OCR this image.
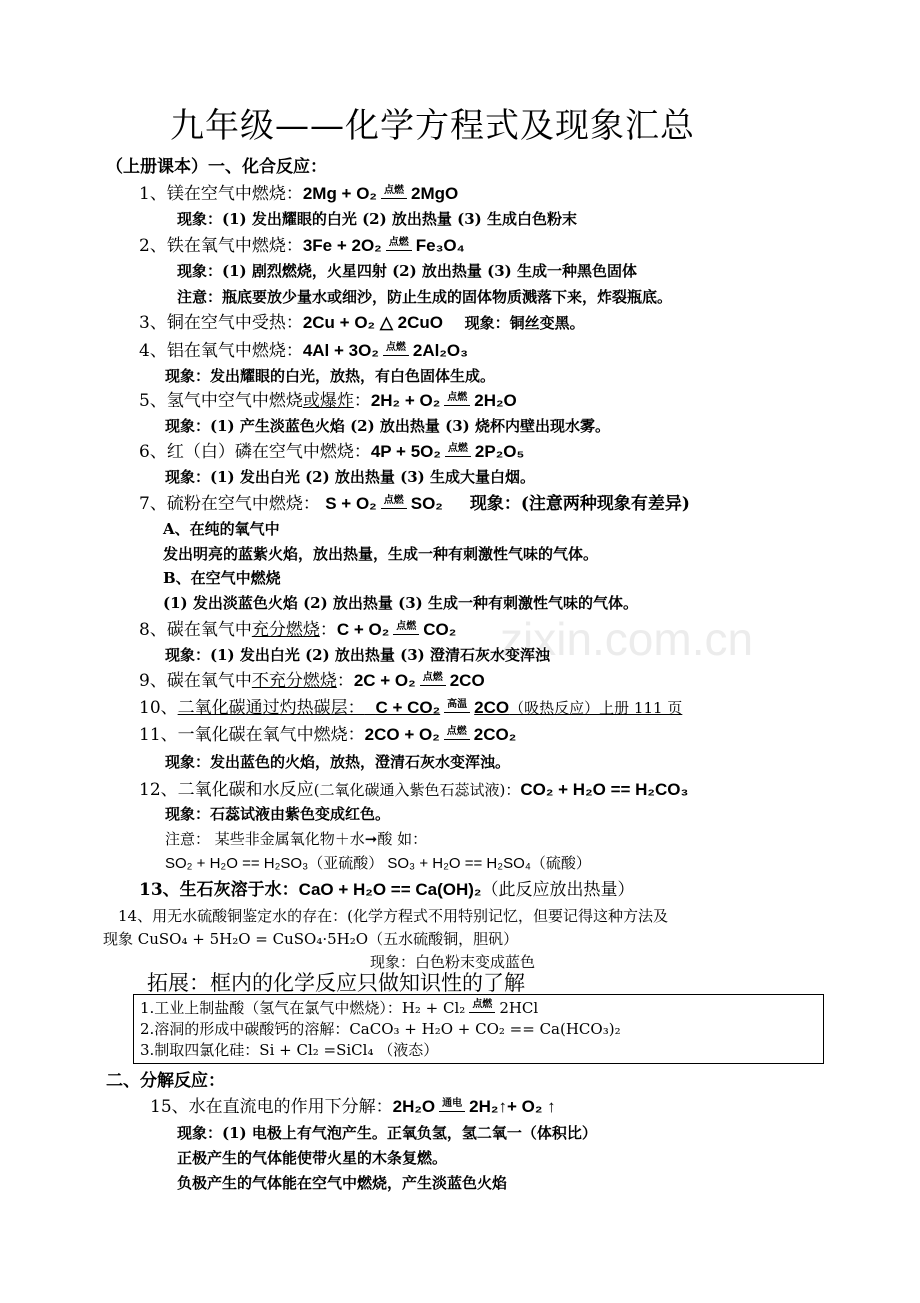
zixin.com.cn
九年级——化学方程式及现象汇总
（上册课本）一、化合反应：
1、镁在空气中燃烧：2Mg + O₂ 点燃 2MgO
现象：(1) 发出耀眼的白光 (2) 放出热量 (3) 生成白色粉末
2、铁在氧气中燃烧：3Fe + 2O₂ 点燃 Fe₃O₄
现象：(1) 剧烈燃烧，火星四射 (2) 放出热量 (3) 生成一种黑色固体
注意：瓶底要放少量水或细沙，防止生成的固体物质溅落下来，炸裂瓶底。
3、铜在空气中受热：2Cu + O₂ △ 2CuO 现象：铜丝变黑。
4、铝在氧气中燃烧：4Al + 3O₂ 点燃 2Al₂O₃
现象：发出耀眼的白光，放热，有白色固体生成。
5、氢气中空气中燃烧或爆炸：2H₂ + O₂ 点燃 2H₂O
现象：(1) 产生淡蓝色火焰 (2) 放出热量 (3) 烧杯内壁出现水雾。
6、红（白）磷在空气中燃烧：4P + 5O₂ 点燃 2P₂O₅
现象：(1) 发出白光 (2) 放出热量 (3) 生成大量白烟。
7、硫粉在空气中燃烧： S + O₂ 点燃 SO₂ 现象：(注意两种现象有差异)
A、在纯的氧气中
发出明亮的蓝紫火焰，放出热量，生成一种有刺激性气味的气体。
B、在空气中燃烧
(1) 发出淡蓝色火焰 (2) 放出热量 (3) 生成一种有刺激性气味的气体。
8、碳在氧气中充分燃烧：C + O₂ 点燃 CO₂
现象：(1) 发出白光 (2) 放出热量 (3) 澄清石灰水变浑浊
9、碳在氧气中不充分燃烧：2C + O₂ 点燃 2CO
10、二氧化碳通过灼热碳层： C + CO₂ 高温 2CO（吸热反应）上册 111 页
11、一氧化碳在氧气中燃烧：2CO + O₂ 点燃 2CO₂
现象：发出蓝色的火焰，放热，澄清石灰水变浑浊。
12、二氧化碳和水反应(二氧化碳通入紫色石蕊试液)：CO₂ + H₂O == H₂CO₃
现象：石蕊试液由紫色变成红色。
注意： 某些非金属氧化物＋水➞酸 如：
SO₂ + H₂O == H₂SO₃（亚硫酸） SO₃ + H₂O == H₂SO₄（硫酸）
13、生石灰溶于水：CaO + H₂O == Ca(OH)₂（此反应放出热量）
14、用无水硫酸铜鉴定水的存在：(化学方程式不用特别记忆，但要记得这种方法及
现象 CuSO₄ + 5H₂O = CuSO₄·5H₂O（五水硫酸铜，胆矾）
现象：白色粉末变成蓝色
拓展：框内的化学反应只做知识性的了解
1.工业上制盐酸（氢气在氯气中燃烧）：H₂ + Cl₂ 点燃 2HCl
2.溶洞的形成中碳酸钙的溶解：CaCO₃ + H₂O + CO₂ == Ca(HCO₃)₂
3.制取四氯化硅：Si + Cl₂ =SiCl₄ （液态）
二、分解反应：
15、水在直流电的作用下分解：2H₂O 通电 2H₂↑+ O₂ ↑
现象：(1) 电极上有气泡产生。正氧负氢，氢二氧一（体积比）
正极产生的气体能使带火星的木条复燃。
负极产生的气体能在空气中燃烧，产生淡蓝色火焰
